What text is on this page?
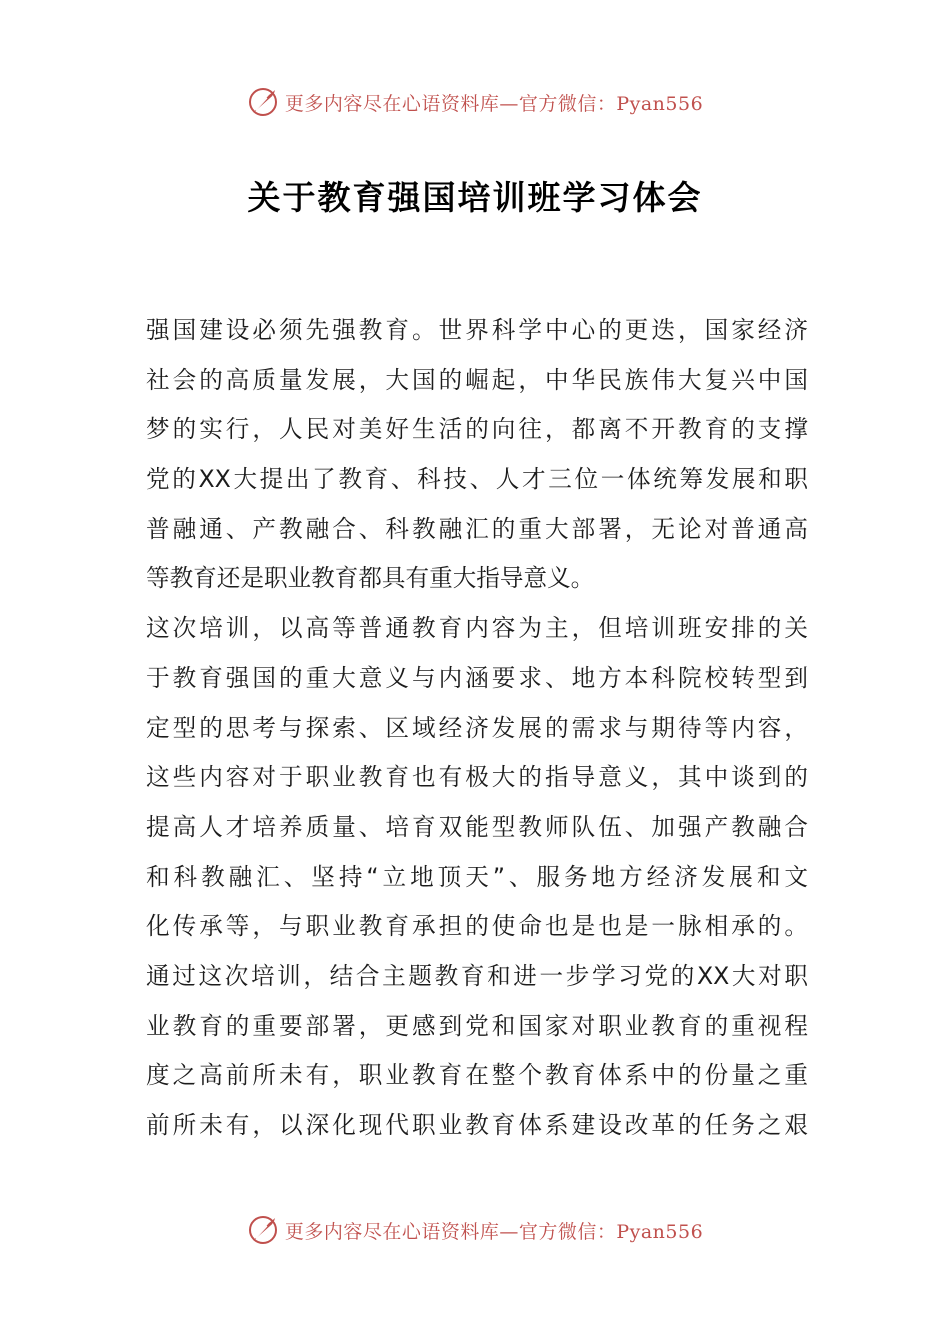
更多内容尽在心语资料库—官方微信：Pyan556
关于教育强国培训班学习体会
强国建设必须先强教育。世界科学中心的更迭，国家经济
社会的高质量发展，大国的崛起，中华民族伟大复兴中国
梦的实行，人民对美好生活的向往，都离不开教育的支撑
党的XX大提出了教育、科技、人才三位一体统筹发展和职
普融通、产教融合、科教融汇的重大部署，无论对普通高
等教育还是职业教育都具有重大指导意义。
这次培训，以高等普通教育内容为主，但培训班安排的关
于教育强国的重大意义与内涵要求、地方本科院校转型到
定型的思考与探索、区域经济发展的需求与期待等内容，
这些内容对于职业教育也有极大的指导意义，其中谈到的
提高人才培养质量、培育双能型教师队伍、加强产教融合
和科教融汇、坚持“立地顶天”、服务地方经济发展和文
化传承等，与职业教育承担的使命也是也是一脉相承的。
通过这次培训，结合主题教育和进一步学习党的XX大对职
业教育的重要部署，更感到党和国家对职业教育的重视程
度之高前所未有，职业教育在整个教育体系中的份量之重
前所未有，以深化现代职业教育体系建设改革的任务之艰
更多内容尽在心语资料库—官方微信：Pyan556
